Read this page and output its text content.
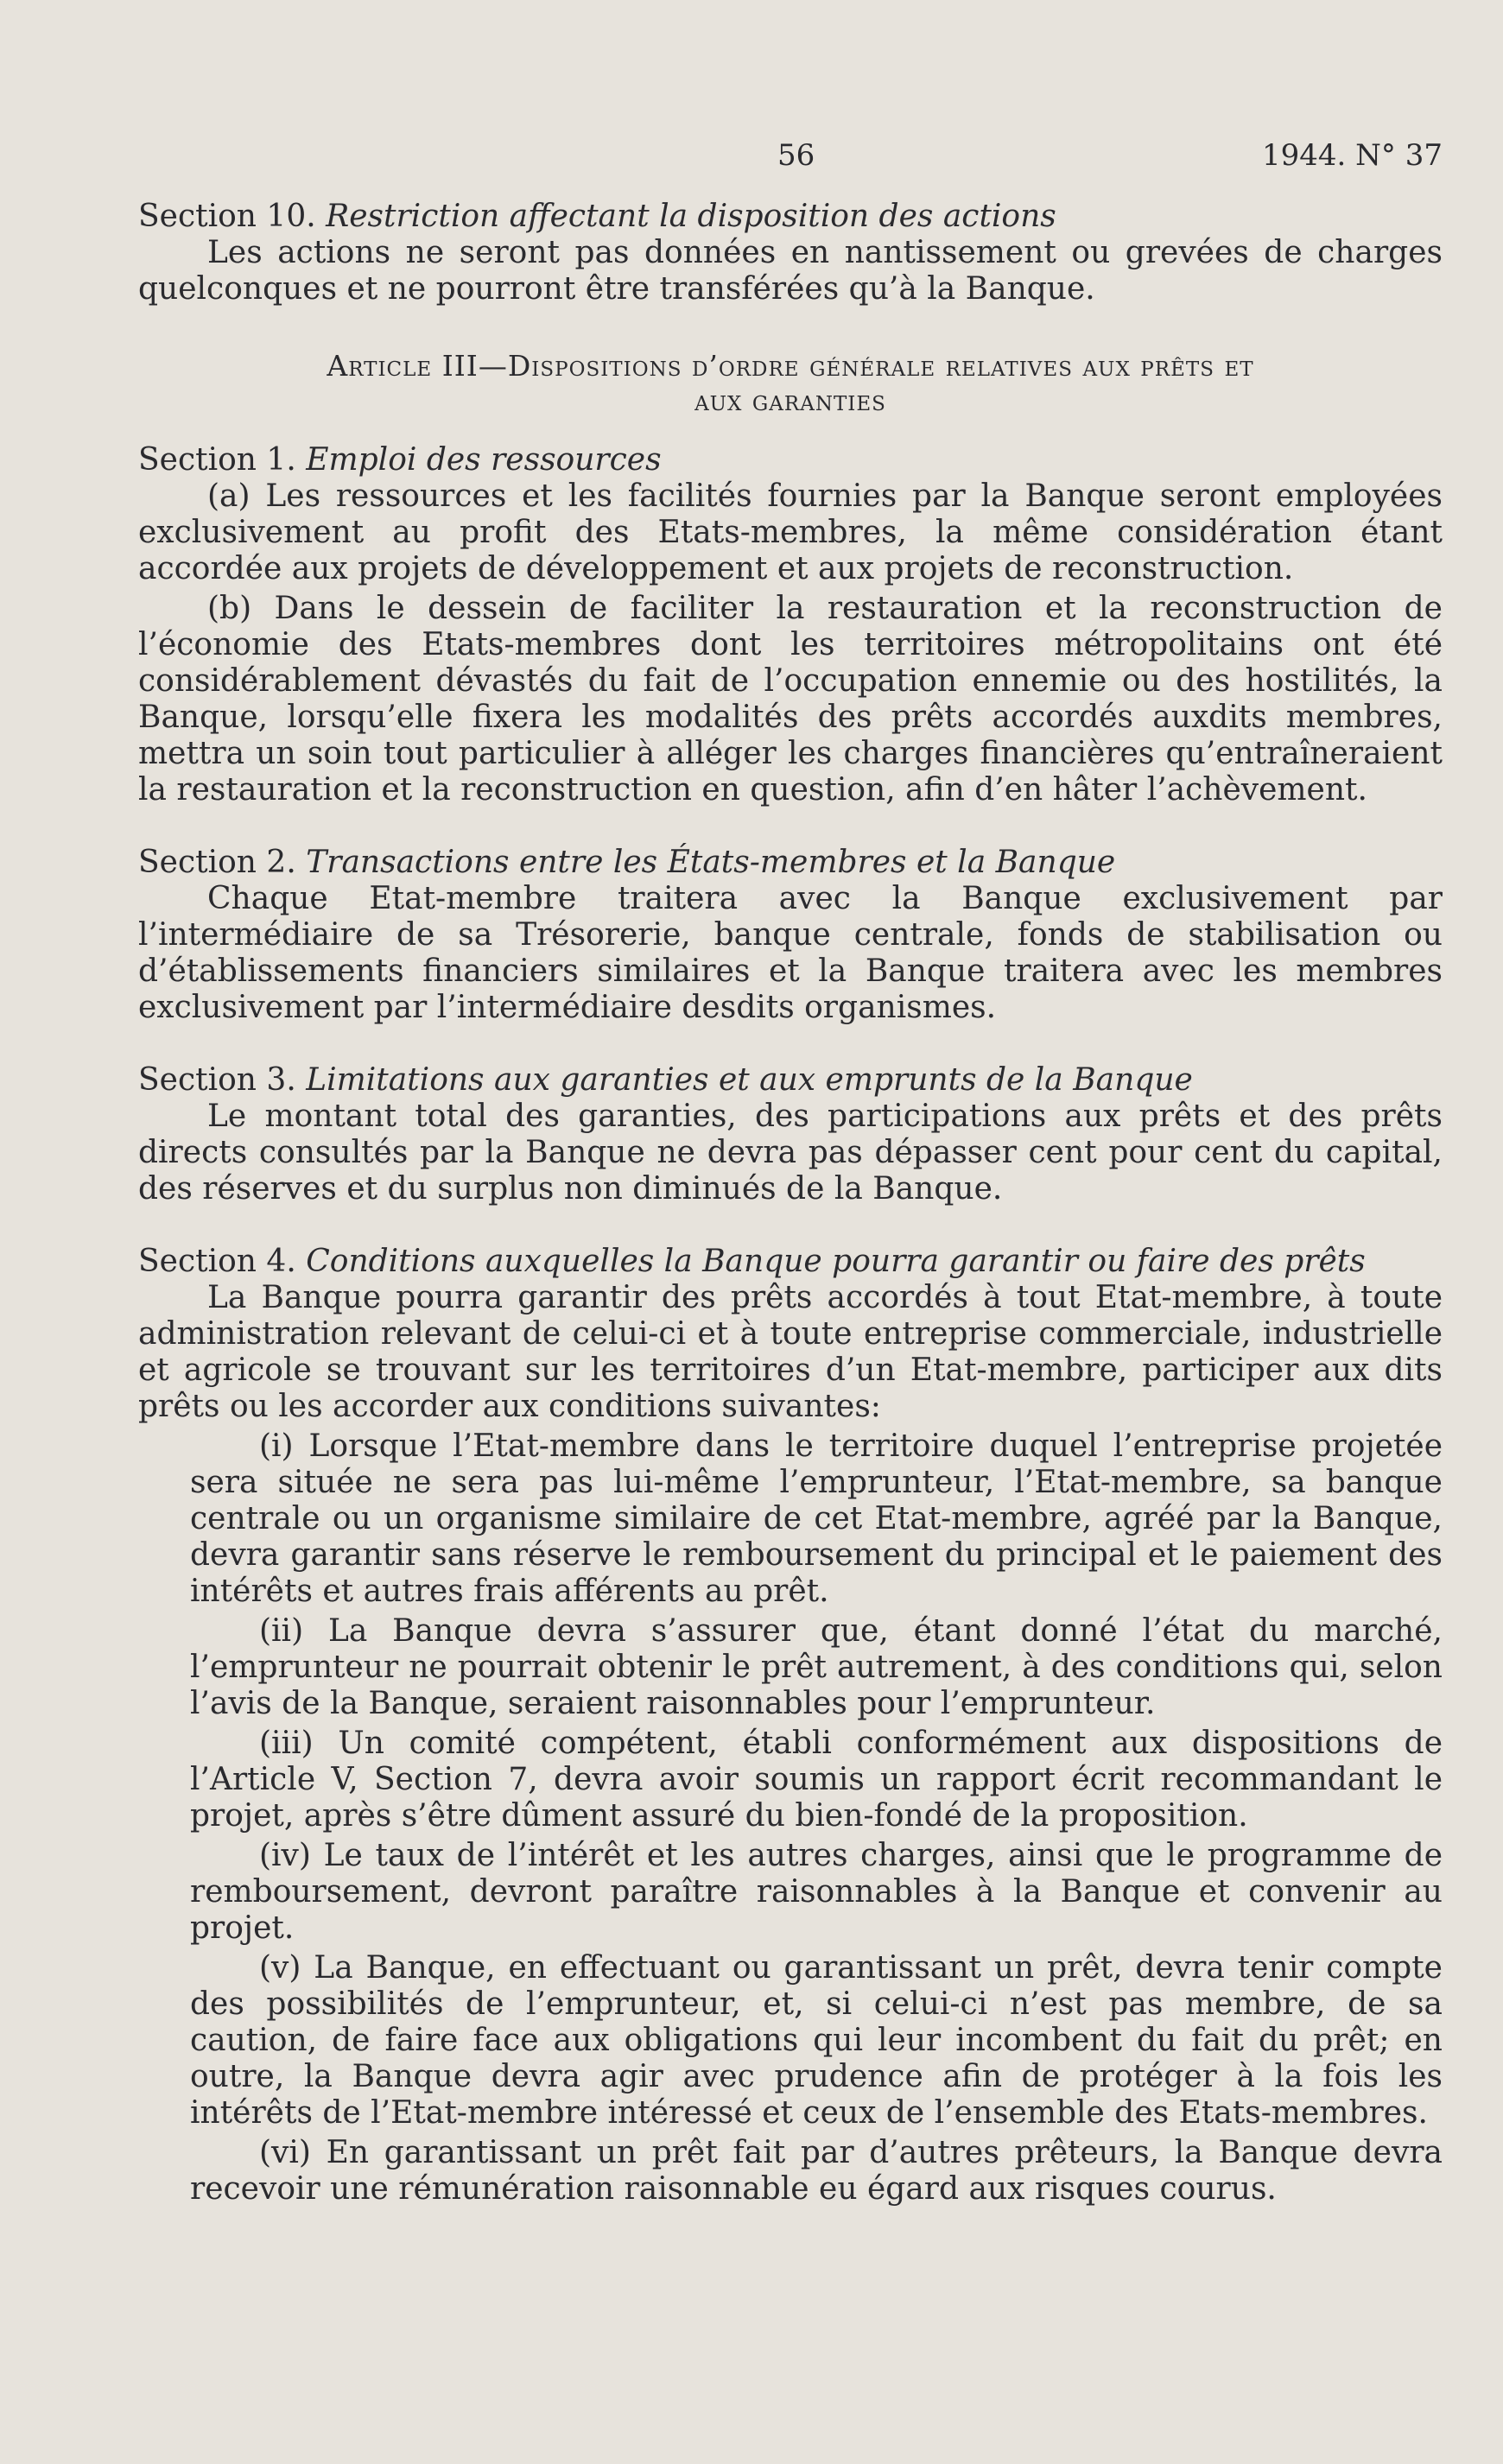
56	1944. N° 37

Section 10. Restriction affectant la disposition des actions

Les actions ne seront pas données en nantissement ou grevées de charges quelconques et ne pourront être transférées qu’à la Banque.

Article III—Dispositions d’ordre générale relatives aux prêts et
aux garanties

Section 1. Emploi des ressources

(a) Les ressources et les facilités fournies par la Banque seront employées exclusivement au profit des Etats-membres, la même considération étant accordée aux projets de développement et aux projets de reconstruction.

(b) Dans le dessein de faciliter la restauration et la reconstruction de l’économie des Etats-membres dont les territoires métropolitains ont été considérablement dévastés du fait de l’occupation ennemie ou des hostilités, la Banque, lorsqu’elle fixera les modalités des prêts accordés auxdits membres, mettra un soin tout particulier à alléger les charges financières qu’entraîneraient la restauration et la reconstruction en question, afin d’en hâter l’achèvement.

Section 2. Transactions entre les États-membres et la Banque

Chaque Etat-membre traitera avec la Banque exclusivement par l’intermédiaire de sa Trésorerie, banque centrale, fonds de stabilisation ou d’établissements financiers similaires et la Banque traitera avec les membres exclusivement par l’intermédiaire desdits organismes.

Section 3. Limitations aux garanties et aux emprunts de la Banque

Le montant total des garanties, des participations aux prêts et des prêts directs consultés par la Banque ne devra pas dépasser cent pour cent du capital, des réserves et du surplus non diminués de la Banque.

Section 4. Conditions auxquelles la Banque pourra garantir ou faire des prêts

La Banque pourra garantir des prêts accordés à tout Etat-membre, à toute administration relevant de celui-ci et à toute entreprise commerciale, industrielle et agricole se trouvant sur les territoires d’un Etat-membre, participer aux dits prêts ou les accorder aux conditions suivantes:

(i) Lorsque l’Etat-membre dans le territoire duquel l’entreprise projetée sera située ne sera pas lui-même l’emprunteur, l’Etat-membre, sa banque centrale ou un organisme similaire de cet Etat-membre, agréé par la Banque, devra garantir sans réserve le remboursement du principal et le paiement des intérêts et autres frais afférents au prêt.

(ii) La Banque devra s’assurer que, étant donné l’état du marché, l’emprunteur ne pourrait obtenir le prêt autrement, à des conditions qui, selon l’avis de la Banque, seraient raisonnables pour l’emprunteur.

(iii) Un comité compétent, établi conformément aux dispositions de l’Article V, Section 7, devra avoir soumis un rapport écrit recommandant le projet, après s’être dûment assuré du bien-fondé de la proposition.

(iv) Le taux de l’intérêt et les autres charges, ainsi que le programme de remboursement, devront paraître raisonnables à la Banque et convenir au projet.

(v) La Banque, en effectuant ou garantissant un prêt, devra tenir compte des possibilités de l’emprunteur, et, si celui-ci n’est pas membre, de sa caution, de faire face aux obligations qui leur incombent du fait du prêt; en outre, la Banque devra agir avec prudence afin de protéger à la fois les intérêts de l’Etat-membre intéressé et ceux de l’ensemble des Etats-membres.

(vi) En garantissant un prêt fait par d’autres prêteurs, la Banque devra recevoir une rémunération raisonnable eu égard aux risques courus.
